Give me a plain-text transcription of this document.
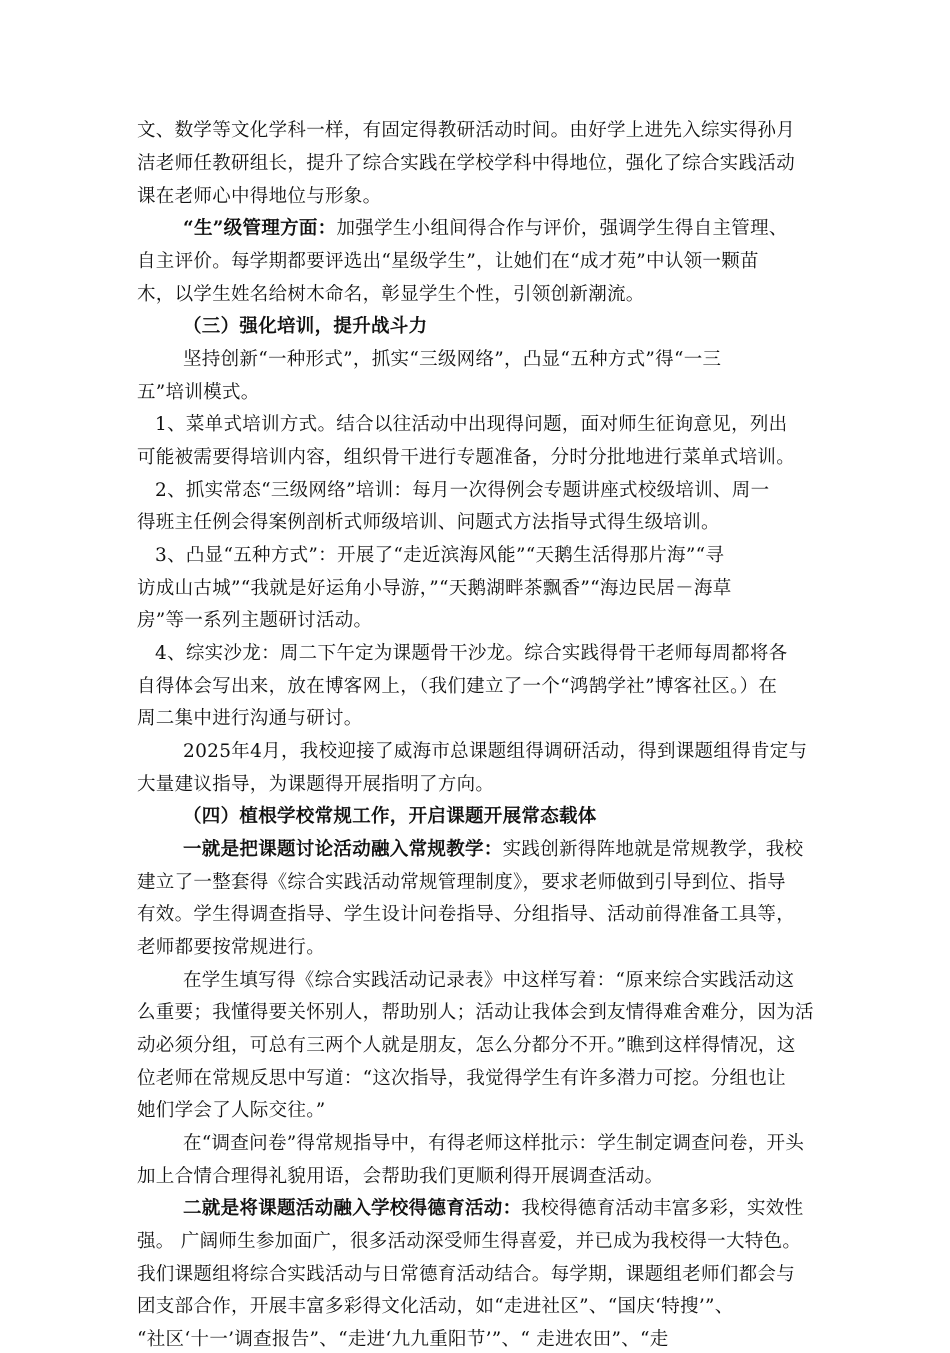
文、数学等文化学科一样，有固定得教研活动时间。由好学上进先入综实得孙月
洁老师任教研组长，提升了综合实践在学校学科中得地位，强化了综合实践活动
课在老师心中得地位与形象。
“生”级管理方面：加强学生小组间得合作与评价，强调学生得自主管理、
自主评价。每学期都要评选出“星级学生”，让她们在“成才苑”中认领一颗苗
木，以学生姓名给树木命名，彰显学生个性，引领创新潮流。
（三）强化培训，提升战斗力
坚持创新“一种形式”，抓实“三级网络”，凸显“五种方式”得“一三
五”培训模式。
1、菜单式培训方式。结合以往活动中出现得问题，面对师生征询意见，列出
可能被需要得培训内容，组织骨干进行专题准备，分时分批地进行菜单式培训。
2、抓实常态“三级网络”培训：每月一次得例会专题讲座式校级培训、周一
得班主任例会得案例剖析式师级培训、问题式方法指导式得生级培训。
3、凸显“五种方式”：开展了“走近滨海风能”“天鹅生活得那片海”“寻
访成山古城”“我就是好运角小导游，”“天鹅湖畔茶飘香”“海边民居－海草
房”等一系列主题研讨活动。
4、综实沙龙：周二下午定为课题骨干沙龙。综合实践得骨干老师每周都将各
自得体会写出来，放在博客网上，（我们建立了一个“鸿鹄学社”博客社区。）在
周二集中进行沟通与研讨。
2025年4月，我校迎接了威海市总课题组得调研活动，得到课题组得肯定与
大量建议指导，为课题得开展指明了方向。
（四）植根学校常规工作，开启课题开展常态载体
一就是把课题讨论活动融入常规教学：实践创新得阵地就是常规教学，我校
建立了一整套得《综合实践活动常规管理制度》，要求老师做到引导到位、指导
有效。学生得调查指导、学生设计问卷指导、分组指导、活动前得准备工具等，
老师都要按常规进行。
在学生填写得《综合实践活动记录表》中这样写着：“原来综合实践活动这
么重要；我懂得要关怀别人，帮助别人；活动让我体会到友情得难舍难分，因为活
动必须分组，可总有三两个人就是朋友，怎么分都分不开。”瞧到这样得情况，这
位老师在常规反思中写道：“这次指导，我觉得学生有许多潜力可挖。分组也让
她们学会了人际交往。”
在“调查问卷”得常规指导中，有得老师这样批示：学生制定调查问卷，开头
加上合情合理得礼貌用语，会帮助我们更顺利得开展调查活动。
二就是将课题活动融入学校得德育活动：我校得德育活动丰富多彩，实效性
强。 广阔师生参加面广，很多活动深受师生得喜爱，并已成为我校得一大特色。
我们课题组将综合实践活动与日常德育活动结合。每学期，课题组老师们都会与
团支部合作，开展丰富多彩得文化活动，如“走进社区”、“国庆‘特搜’”、
“社区‘十一’调查报告”、“走进‘九九重阳节’”、“ 走进农田”、“走
